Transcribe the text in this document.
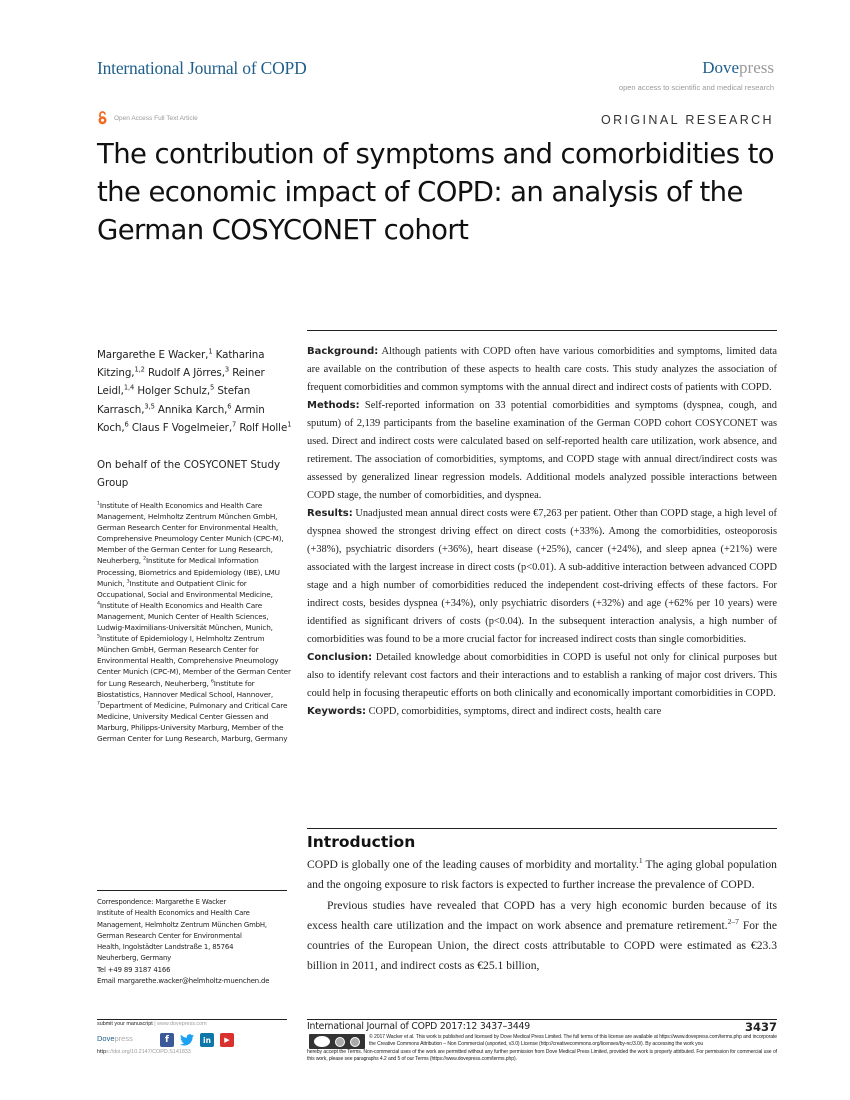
International Journal of COPD	Dovepress
open access to scientific and medical research
Open Access Full Text Article	ORIGINAL RESEARCH
The contribution of symptoms and comorbidities to the economic impact of COPD: an analysis of the German COSYCONET cohort
Margarethe E Wacker,$^1$ Katharina Kitzing,$^{1,2}$ Rudolf A Jörres,$^3$ Reiner Leidl,$^{1,4}$ Holger Schulz,$^5$ Stefan Karrasch,$^{3,5}$ Annika Karch,$^6$ Armin Koch,$^6$ Claus F Vogelmeier,$^7$ Rolf Holle$^1$
On behalf of the COSYCONET Study Group
$^1$Institute of Health Economics and Health Care Management, Helmholtz Zentrum München GmbH, German Research Center for Environmental Health, Comprehensive Pneumology Center Munich (CPC-M), Member of the German Center for Lung Research, Neuherberg, $^2$Institute for Medical Information Processing, Biometrics and Epidemiology (IBE), LMU Munich, $^3$Institute and Outpatient Clinic for Occupational, Social and Environmental Medicine, $^4$Institute of Health Economics and Health Care Management, Munich Center of Health Sciences, Ludwig-Maximilians-Universität München, Munich, $^5$Institute of Epidemiology I, Helmholtz Zentrum München GmbH, German Research Center for Environmental Health, Comprehensive Pneumology Center Munich (CPC-M), Member of the German Center for Lung Research, Neuherberg, $^6$Institute for Biostatistics, Hannover Medical School, Hannover, $^7$Department of Medicine, Pulmonary and Critical Care Medicine, University Medical Center Giessen and Marburg, Philipps-University Marburg, Member of the German Center for Lung Research, Marburg, Germany
Correspondence: Margarethe E Wacker
Institute of Health Economics and Health Care
Management, Helmholtz Zentrum München GmbH,
German Research Center for Environmental
Health, Ingolstädter Landstraße 1, 85764
Neuherberg, Germany
Tel +49 89 3187 4166
Email margarethe.wacker@helmholtz-muenchen.de

Background: Although patients with COPD often have various comorbidities and symptoms, limited data are available on the contribution of these aspects to health care costs. This study analyzes the association of frequent comorbidities and common symptoms with the annual direct and indirect costs of patients with COPD.

Methods: Self-reported information on 33 potential comorbidities and symptoms (dyspnea, cough, and sputum) of 2,139 participants from the baseline examination of the German COPD cohort COSYCONET was used. Direct and indirect costs were calculated based on self-reported health care utilization, work absence, and retirement. The association of comorbidities, symptoms, and COPD stage with annual direct/indirect costs was assessed by generalized linear regression models. Additional models analyzed possible interactions between COPD stage, the number of comorbidities, and dyspnea.

Results: Unadjusted mean annual direct costs were €7,263 per patient. Other than COPD stage, a high level of dyspnea showed the strongest driving effect on direct costs (+33%). Among the comorbidities, osteoporosis (+38%), psychiatric disorders (+36%), heart disease (+25%), cancer (+24%), and sleep apnea (+21%) were associated with the largest increase in direct costs (p<0.01). A sub-additive interaction between advanced COPD stage and a high number of comorbidities reduced the independent cost-driving effects of these factors. For indirect costs, besides dyspnea (+34%), only psychiatric disorders (+32%) and age (+62% per 10 years) were identified as significant drivers of costs (p<0.04). In the subsequent interaction analysis, a high number of comorbidities was found to be a more crucial factor for increased indirect costs than single comorbidities.

Conclusion: Detailed knowledge about comorbidities in COPD is useful not only for clinical purposes but also to identify relevant cost factors and their interactions and to establish a ranking of major cost drivers. This could help in focusing therapeutic efforts on both clinically and economically important comorbidities in COPD.

Keywords: COPD, comorbidities, symptoms, direct and indirect costs, health care

Introduction

COPD is globally one of the leading causes of morbidity and mortality.$^1$ The aging global population and the ongoing exposure to risk factors is expected to further increase the prevalence of COPD.

Previous studies have revealed that COPD has a very high economic burden because of its excess health care utilization and the impact on work absence and premature retirement.$^{2-7}$ For the countries of the European Union, the direct costs attributable to COPD were estimated as €23.3 billion in 2011, and indirect costs as €25.1 billion,

submit your manuscript | www.dovepress.com
Dovepress	f	in	▶
https://doi.org/10.2147/COPD.S141833
International Journal of COPD 2017:12 3437–3449	3437
© 2017 Wacker et al. This work is published and licensed by Dove Medical Press Limited. The full terms of this license are available at https://www.dovepress.com/terms.php and incorporate the Creative Commons Attribution – Non Commercial (unported, v3.0) License (http://creativecommons.org/licenses/by-nc/3.0/). By accessing the work you
hereby accept the Terms. Non-commercial uses of the work are permitted without any further permission from Dove Medical Press Limited, provided the work is properly attributed. For permission for commercial use of this work, please see paragraphs 4.2 and 5 of our Terms (https://www.dovepress.com/terms.php).
